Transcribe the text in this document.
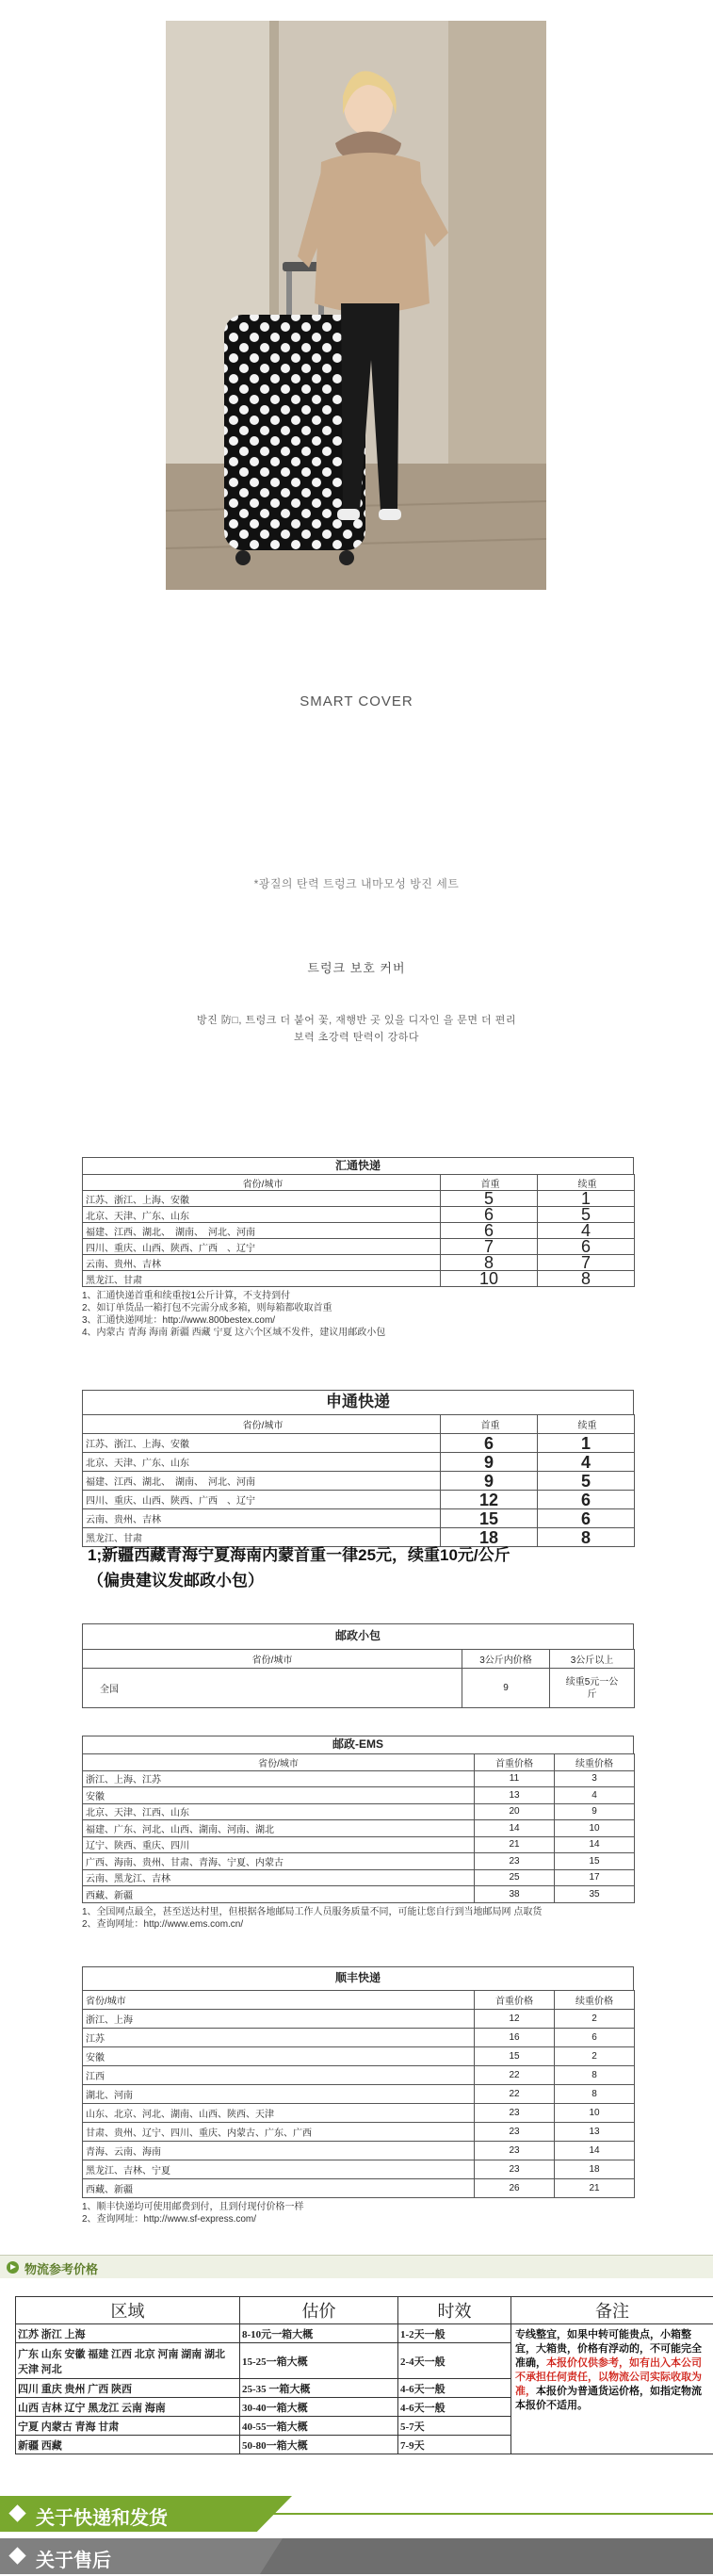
SMART COVER
*광질의 탄력 트렁크 내마모성 방진 세트
트렁크 보호 커버
방진 防□, 트렁크 더 붙어 꽃, 재행반 곳 있을 디자인 을 문면 더 편리
보력 초강력 탄력이 강하다
汇通快递
省份/城市	首重	续重
江苏、浙江、上海、安徽	5	1
北京、天津、广东、山东	6	5
福建、江西、湖北、　湖南、　河北、河南	6	4
四川、重庆、山西、陕西、广西　、辽宁	7	6
云南、贵州、吉林	8	7
黑龙江、甘肃	10	8
1、汇通快递首重和续重按1公斤计算，不支持到付
2、如订单货品一箱打包不完需分成多箱，则每箱都收取首重
3、汇通快递网址：http://www.800bestex.com/
4、内蒙古 青海 海南 新疆 西藏 宁夏 这六个区域不发件，建议用邮政小包
申通快递
省份/城市	首重	续重
江苏、浙江、上海、安徽	6	1
北京、天津、广东、山东	9	4
福建、江西、湖北、　湖南、　河北、河南	9	5
四川、重庆、山西、陕西、广西　、辽宁	12	6
云南、贵州、吉林	15	6
黑龙江、甘肃	18	8
1;新疆西藏青海宁夏海南内蒙首重一律25元，续重10元/公斤
（偏贵建议发邮政小包）
邮政小包
省份/城市	3公斤内价格	3公斤以上
全国	9	续重5元一公斤
邮政-EMS
省份/城市	首重价格	续重价格
浙江、上海、江苏	11	3
安徽	13	4
北京、天津、江西、山东	20	9
福建、广东、河北、山西、湖南、河南、湖北	14	10
辽宁、陕西、重庆、四川	21	14
广西、海南、贵州、甘肃、青海、宁夏、内蒙古	23	15
云南、黑龙江、吉林	25	17
西藏、新疆	38	35
1、全国网点最全，甚至送达村里，但根据各地邮局工作人员服务质量不同，可能让您自行到当地邮局网 点取货
2、查询网址：http://www.ems.com.cn/
顺丰快递
省份/城市	首重价格	续重价格
浙江、上海	12	2
江苏	16	6
安徽	15	2
江西	22	8
湖北、河南	22	8
山东、北京、河北、湖南、山西、陕西、天津	23	10
甘肃、贵州、辽宁、四川、重庆、内蒙古、广东、广西	23	13
青海、云南、海南	23	14
黑龙江、吉林、宁夏	23	18
西藏、新疆	26	21
1、顺丰快递均可使用邮费到付，且到付现付价格一样
2、查询网址：http://www.sf-express.com/
物流参考价格
区域	估价	时效	备注
江苏 浙江 上海	8-10元一箱大概	1-2天一般	专线整宜，如果中转可能贵点，小箱整宜，大箱贵，价格有浮动的，不可能完全准确，本报价仅供参考，如有出入本公司不承担任何责任，以物流公司实际收取为准，本报价为普通货运价格，如指定物流本报价不适用。
广东 山东 安徽 福建 江西 北京 河南 湖南 湖北 天津 河北	15-25一箱大概	2-4天一般	
四川 重庆 贵州 广西 陕西	25-35 一箱大概	4-6天一般	
山西 吉林 辽宁 黑龙江 云南 海南	30-40一箱大概	4-6天一般	
宁夏 内蒙古 青海 甘肃	40-55一箱大概	5-7天	
新疆 西藏	50-80一箱大概	7-9天	
关于快递和发货
关于售后
